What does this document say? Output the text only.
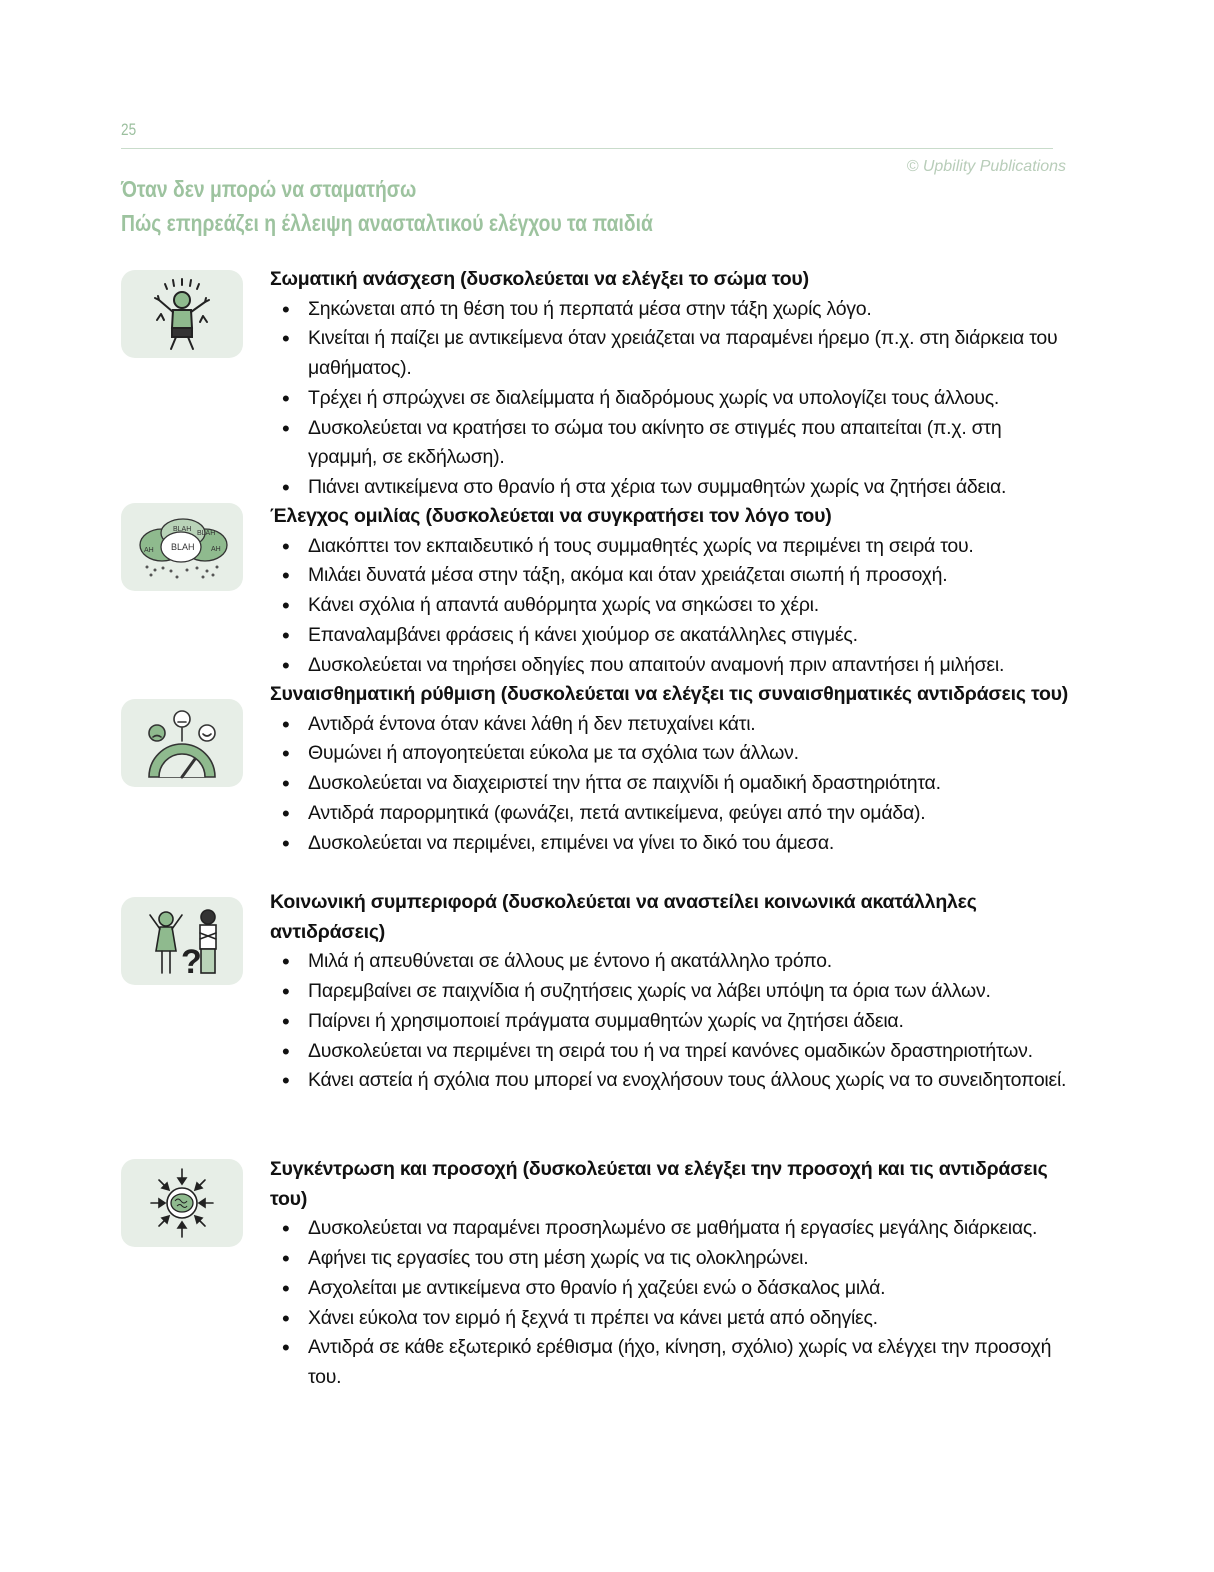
25
© Upbility Publications
Όταν δεν μπορώ να σταματήσω
Πώς επηρεάζει η έλλειψη ανασταλτικού ελέγχου τα παιδιά
BLAH
BLAH
AH
BLAH
AH
?
Σωματική ανάσχεση (δυσκολεύεται να ελέγξει το σώμα του)
• Σηκώνεται από τη θέση του ή περπατά μέσα στην τάξη χωρίς λόγο.
• Κινείται ή παίζει με αντικείμενα όταν χρειάζεται να παραμένει ήρεμο (π.χ. στη διάρκεια του μαθήματος).
• Τρέχει ή σπρώχνει σε διαλείμματα ή διαδρόμους χωρίς να υπολογίζει τους άλλους.
• Δυσκολεύεται να κρατήσει το σώμα του ακίνητο σε στιγμές που απαιτείται (π.χ. στη γραμμή, σε εκδήλωση).
• Πιάνει αντικείμενα στο θρανίο ή στα χέρια των συμμαθητών χωρίς να ζητήσει άδεια.
Έλεγχος ομιλίας (δυσκολεύεται να συγκρατήσει τον λόγο του)
• Διακόπτει τον εκπαιδευτικό ή τους συμμαθητές χωρίς να περιμένει τη σειρά του.
• Μιλάει δυνατά μέσα στην τάξη, ακόμα και όταν χρειάζεται σιωπή ή προσοχή.
• Κάνει σχόλια ή απαντά αυθόρμητα χωρίς να σηκώσει το χέρι.
• Επαναλαμβάνει φράσεις ή κάνει χιούμορ σε ακατάλληλες στιγμές.
• Δυσκολεύεται να τηρήσει οδηγίες που απαιτούν αναμονή πριν απαντήσει ή μιλήσει.
Συναισθηματική ρύθμιση (δυσκολεύεται να ελέγξει τις συναισθηματικές αντιδράσεις του)
• Αντιδρά έντονα όταν κάνει λάθη ή δεν πετυχαίνει κάτι.
• Θυμώνει ή απογοητεύεται εύκολα με τα σχόλια των άλλων.
• Δυσκολεύεται να διαχειριστεί την ήττα σε παιχνίδι ή ομαδική δραστηριότητα.
• Αντιδρά παρορμητικά (φωνάζει, πετά αντικείμενα, φεύγει από την ομάδα).
• Δυσκολεύεται να περιμένει, επιμένει να γίνει το δικό του άμεσα.
Κοινωνική συμπεριφορά (δυσκολεύεται να αναστείλει κοινωνικά ακατάλληλες αντιδράσεις)
• Μιλά ή απευθύνεται σε άλλους με έντονο ή ακατάλληλο τρόπο.
• Παρεμβαίνει σε παιχνίδια ή συζητήσεις χωρίς να λάβει υπόψη τα όρια των άλλων.
• Παίρνει ή χρησιμοποιεί πράγματα συμμαθητών χωρίς να ζητήσει άδεια.
• Δυσκολεύεται να περιμένει τη σειρά του ή να τηρεί κανόνες ομαδικών δραστηριοτήτων.
• Κάνει αστεία ή σχόλια που μπορεί να ενοχλήσουν τους άλλους χωρίς να το συνειδητοποιεί.
Συγκέντρωση και προσοχή (δυσκολεύεται να ελέγξει την προσοχή και τις αντιδράσεις του)
• Δυσκολεύεται να παραμένει προσηλωμένο σε μαθήματα ή εργασίες μεγάλης διάρκειας.
• Αφήνει τις εργασίες του στη μέση χωρίς να τις ολοκληρώνει.
• Ασχολείται με αντικείμενα στο θρανίο ή χαζεύει ενώ ο δάσκαλος μιλά.
• Χάνει εύκολα τον ειρμό ή ξεχνά τι πρέπει να κάνει μετά από οδηγίες.
• Αντιδρά σε κάθε εξωτερικό ερέθισμα (ήχο, κίνηση, σχόλιο) χωρίς να ελέγχει την προσοχή του.
